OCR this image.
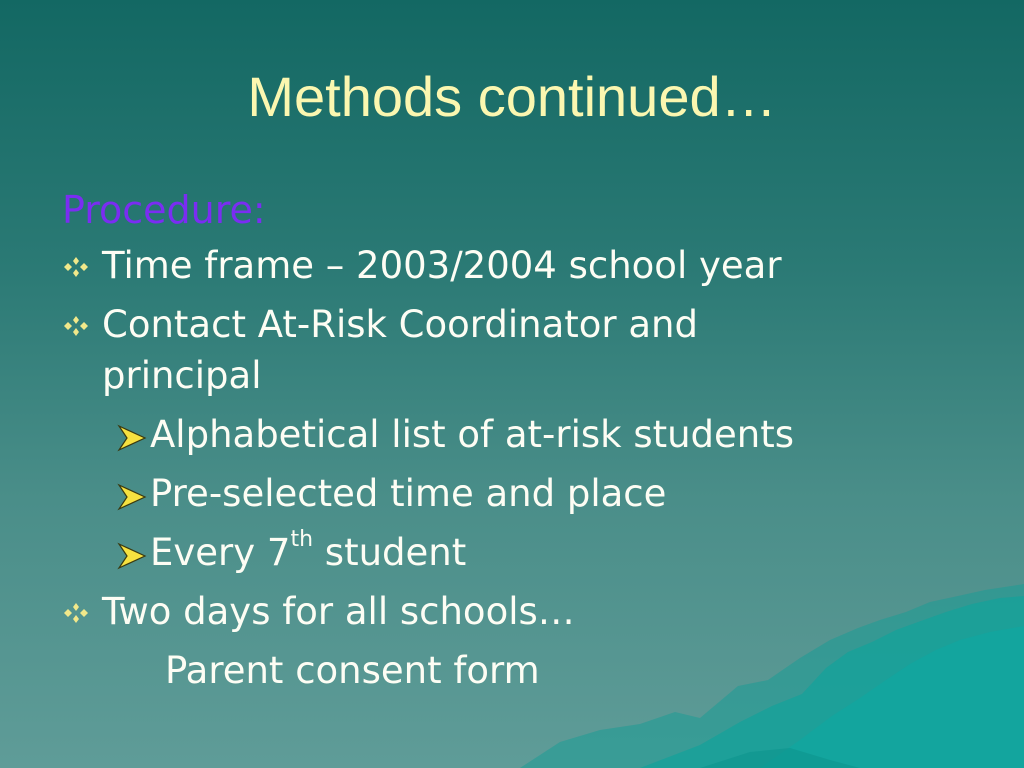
Methods continued…
Procedure:
Time frame – 2003/2004 school year
Contact At-Risk Coordinator and
principal
Alphabetical list of at-risk students
Pre-selected time and place
Every 7th student
Two days for all schools…
Parent consent form
